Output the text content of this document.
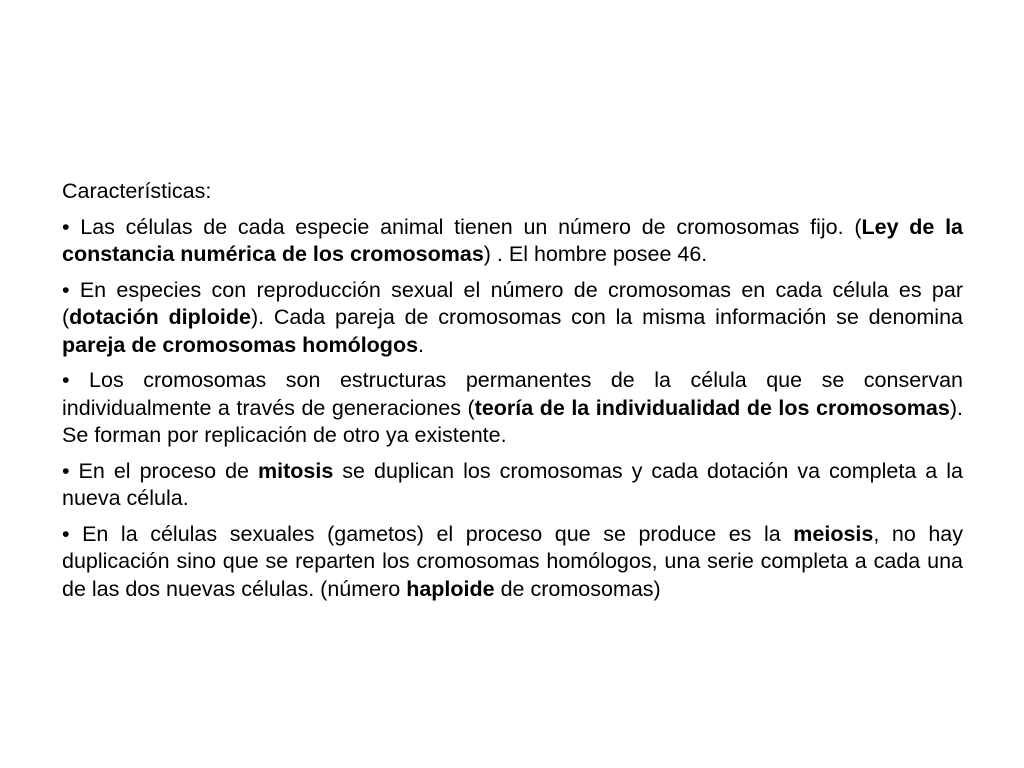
Características:

• Las células de cada especie animal tienen un número de cromosomas fijo. (Ley de la constancia numérica de los cromosomas) . El hombre posee 46.

• En especies con reproducción sexual el número de cromosomas en cada célula es par (dotación diploide). Cada pareja de cromosomas con la misma información se denomina pareja de cromosomas homólogos.

• Los cromosomas son estructuras permanentes de la célula que se conservan individualmente a través de generaciones (teoría de la individualidad de los cromosomas). Se forman por replicación de otro ya existente.

• En el proceso de mitosis se duplican los cromosomas y cada dotación va completa a la nueva célula.

• En la células sexuales (gametos) el proceso que se produce es la meiosis, no hay duplicación sino que se reparten los cromosomas homólogos, una serie completa a cada una de las dos nuevas células. (número haploide de cromosomas)
